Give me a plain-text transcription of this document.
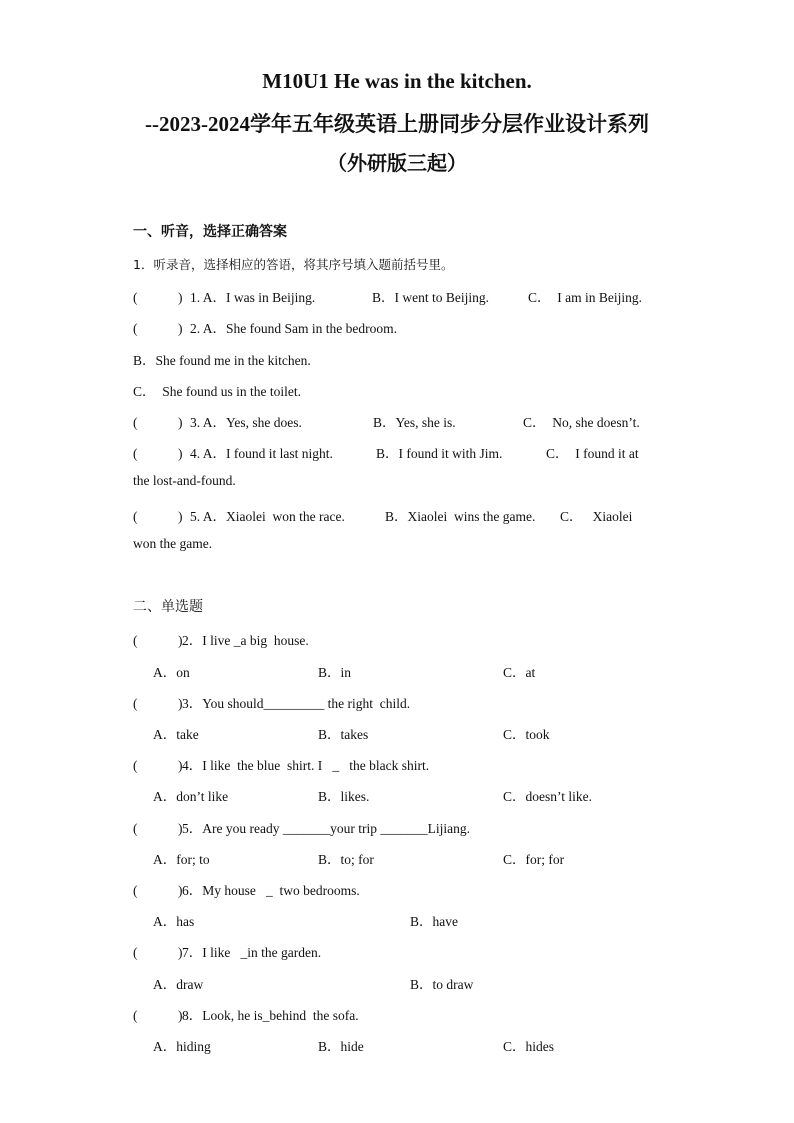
M10U1 He was in the kitchen.
--2023-2024学年五年级英语上册同步分层作业设计系列
（外研版三起）
一、听音，选择正确答案
1．听录音，选择相应的答语，将其序号填入题前括号里。
(　　　) 1. A．I was in Beijing.	B．I went to Beijing.	C．  I am in Beijing.
(　　　) 2. A．She found Sam in the bedroom.
B．She found me in the kitchen.
C．  She found us in the toilet.
(　　　) 3. A．Yes, she does.	B．Yes, she is.	C．  No, she doesn’t.
(　　　) 4. A．I found it last night.	B．I found it with Jim.	C．  I found it at
the lost-and-found.
(　　　) 5. A．Xiaolei  won the race.	B．Xiaolei  wins the game. C．   Xiaolei
won the game.
二、单选题
(　　　) 2．I live _a big  house.
A．on	B．in	C．at
(　　　) 3．You should_________ the right  child.
A．take	B．takes	C．took
(　　　) 4．I like  the blue  shirt. I   _   the black shirt.
A．don’t like	B．likes.	C．doesn’t like.
(　　　) 5．Are you ready _______your trip _______Lijiang.
A．for; to	B．to; for	C．for; for
(　　　) 6．My house   _  two bedrooms.
A．has	B．have
(　　　) 7．I like   _in the garden.
A．draw	B．to draw
(　　　) 8．Look, he is_behind  the sofa.
A．hiding	B．hide	C．hides
